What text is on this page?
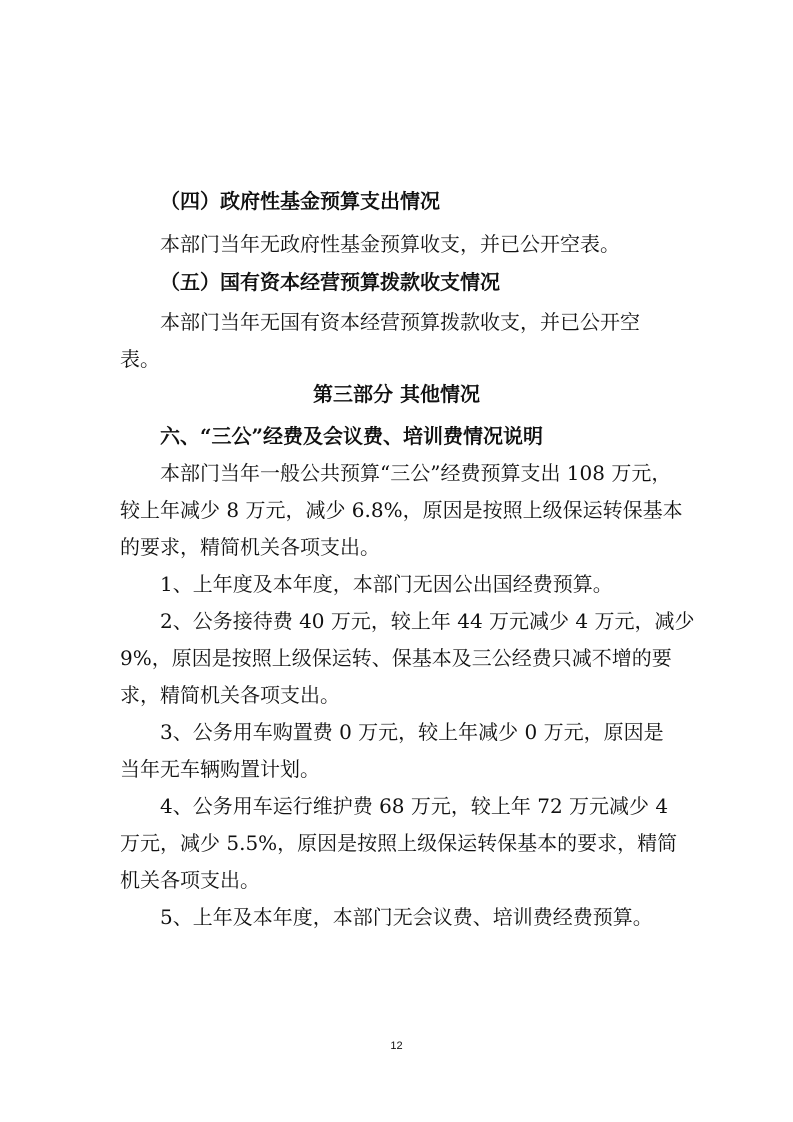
（四）政府性基金预算支出情况
本部门当年无政府性基金预算收支，并已公开空表。
（五）国有资本经营预算拨款收支情况
本部门当年无国有资本经营预算拨款收支，并已公开空
表。
第三部分 其他情况
六、“三公”经费及会议费、培训费情况说明
本部门当年一般公共预算“三公”经费预算支出 108 万元，
较上年减少 8 万元，减少 6.8%，原因是按照上级保运转保基本
的要求，精简机关各项支出。
1、上年度及本年度，本部门无因公出国经费预算。
2、公务接待费 40 万元，较上年 44 万元减少 4 万元，减少
9%，原因是按照上级保运转、保基本及三公经费只减不增的要
求，精简机关各项支出。
3、公务用车购置费 0 万元，较上年减少 0 万元，原因是
当年无车辆购置计划。
4、公务用车运行维护费 68 万元，较上年 72 万元减少 4
万元，减少 5.5%，原因是按照上级保运转保基本的要求，精简
机关各项支出。
5、上年及本年度，本部门无会议费、培训费经费预算。
12
